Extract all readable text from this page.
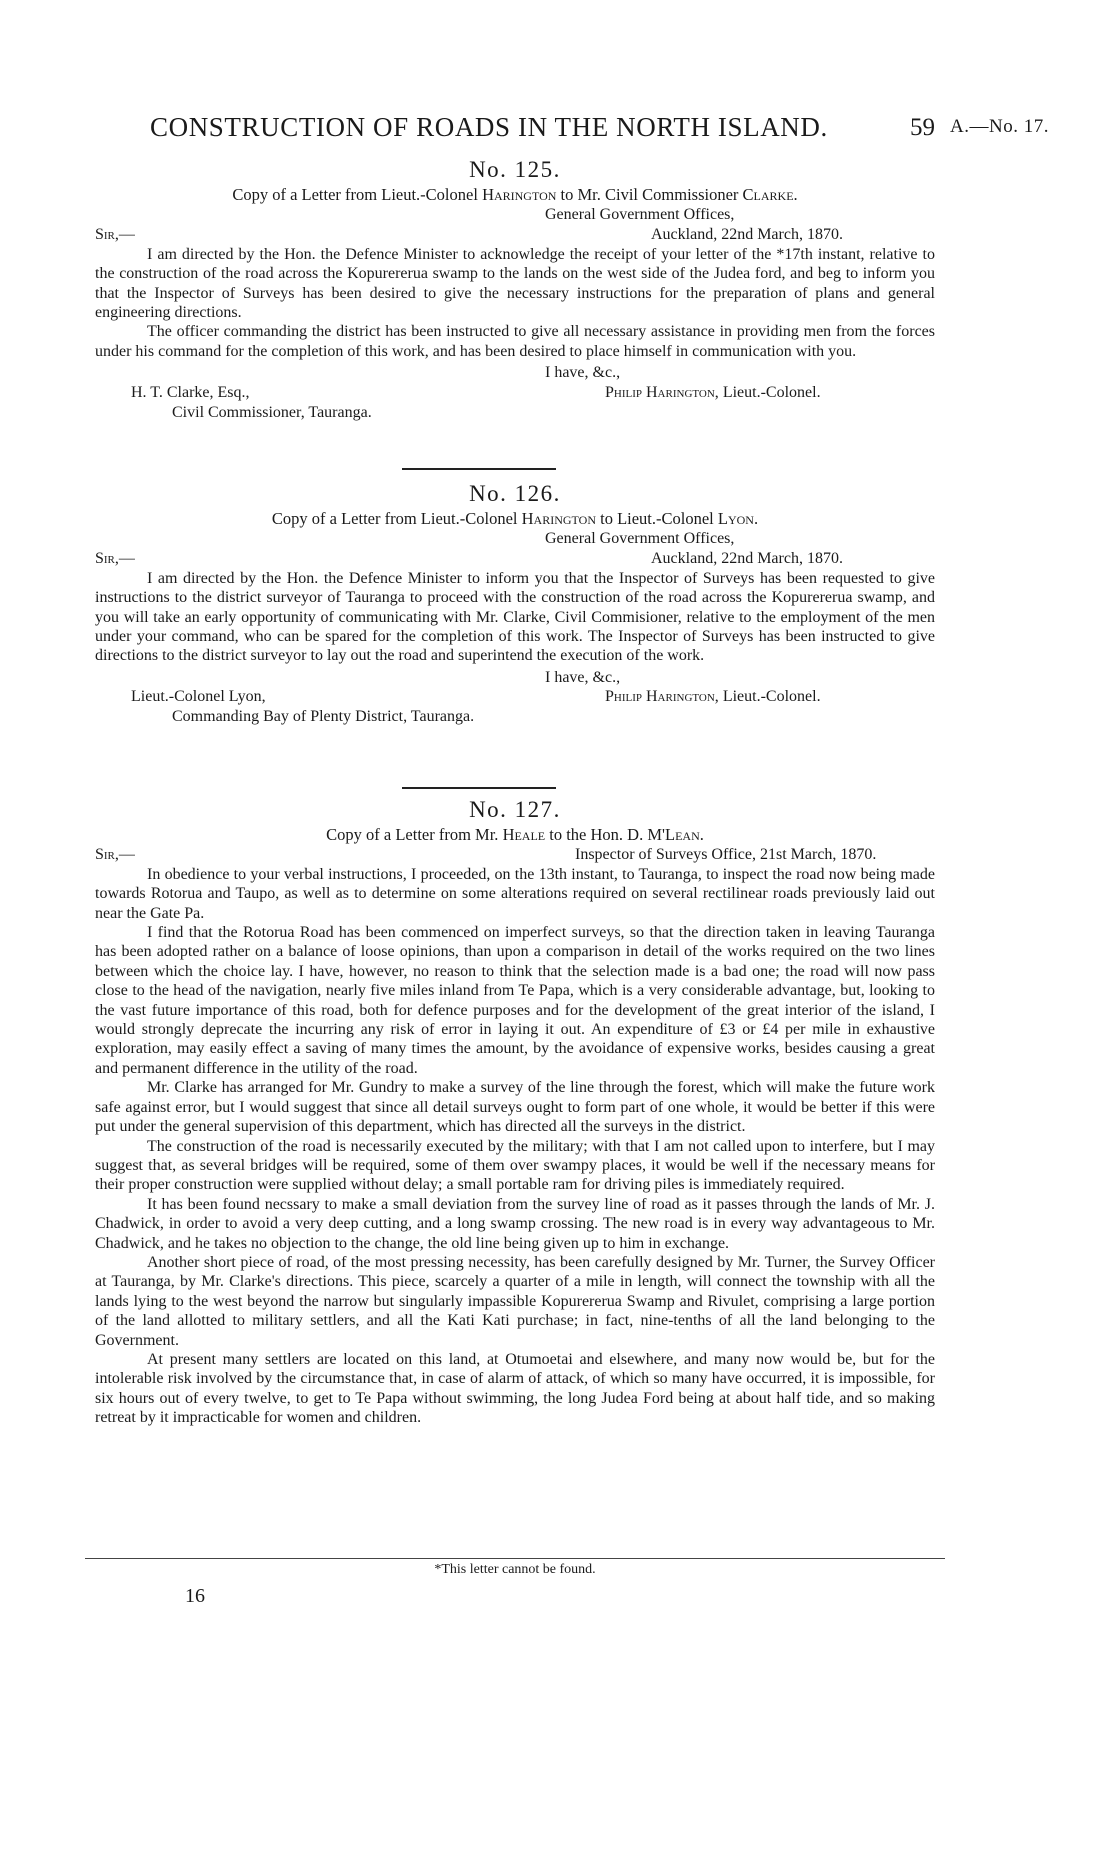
CONSTRUCTION OF ROADS IN THE NORTH ISLAND.	59 A.—No. 17.
No. 125.
Copy of a Letter from Lieut.-Colonel Harington to Mr. Civil Commissioner Clarke.
General Government Offices,
Sir,—	Auckland, 22nd March, 1870.

I am directed by the Hon. the Defence Minister to acknowledge the receipt of your letter of the *17th instant, relative to the construction of the road across the Kopurererua swamp to the lands on the west side of the Judea ford, and beg to inform you that the Inspector of Surveys has been desired to give the necessary instructions for the preparation of plans and general engineering directions.

The officer commanding the district has been instructed to give all necessary assistance in providing men from the forces under his command for the completion of this work, and has been desired to place himself in communication with you.

I have, &c.,
H. T. Clarke, Esq.,	Philip Harington, Lieut.-Colonel.
Civil Commissioner, Tauranga.
No. 126.
Copy of a Letter from Lieut.-Colonel Harington to Lieut.-Colonel Lyon.
General Government Offices,
Sir,—	Auckland, 22nd March, 1870.

I am directed by the Hon. the Defence Minister to inform you that the Inspector of Surveys has been requested to give instructions to the district surveyor of Tauranga to proceed with the construction of the road across the Kopurererua swamp, and you will take an early opportunity of communicating with Mr. Clarke, Civil Commisioner, relative to the employment of the men under your command, who can be spared for the completion of this work. The Inspector of Surveys has been instructed to give directions to the district surveyor to lay out the road and superintend the execution of the work.

I have, &c.,
Lieut.-Colonel Lyon,	Philip Harington, Lieut.-Colonel.
Commanding Bay of Plenty District, Tauranga.
No. 127.
Copy of a Letter from Mr. Heale to the Hon. D. M'Lean.
Sir,—	Inspector of Surveys Office, 21st March, 1870.

In obedience to your verbal instructions, I proceeded, on the 13th instant, to Tauranga, to inspect the road now being made towards Rotorua and Taupo, as well as to determine on some alterations required on several rectilinear roads previously laid out near the Gate Pa.

I find that the Rotorua Road has been commenced on imperfect surveys, so that the direction taken in leaving Tauranga has been adopted rather on a balance of loose opinions, than upon a comparison in detail of the works required on the two lines between which the choice lay. I have, however, no reason to think that the selection made is a bad one; the road will now pass close to the head of the navigation, nearly five miles inland from Te Papa, which is a very considerable advantage, but, looking to the vast future importance of this road, both for defence purposes and for the development of the great interior of the island, I would strongly deprecate the incurring any risk of error in laying it out. An expenditure of £3 or £4 per mile in exhaustive exploration, may easily effect a saving of many times the amount, by the avoidance of expensive works, besides causing a great and permanent difference in the utility of the road.

Mr. Clarke has arranged for Mr. Gundry to make a survey of the line through the forest, which will make the future work safe against error, but I would suggest that since all detail surveys ought to form part of one whole, it would be better if this were put under the general supervision of this department, which has directed all the surveys in the district.

The construction of the road is necessarily executed by the military; with that I am not called upon to interfere, but I may suggest that, as several bridges will be required, some of them over swampy places, it would be well if the necessary means for their proper construction were supplied without delay; a small portable ram for driving piles is immediately required.

It has been found necssary to make a small deviation from the survey line of road as it passes through the lands of Mr. J. Chadwick, in order to avoid a very deep cutting, and a long swamp crossing. The new road is in every way advantageous to Mr. Chadwick, and he takes no objection to the change, the old line being given up to him in exchange.

Another short piece of road, of the most pressing necessity, has been carefully designed by Mr. Turner, the Survey Officer at Tauranga, by Mr. Clarke's directions. This piece, scarcely a quarter of a mile in length, will connect the township with all the lands lying to the west beyond the narrow but singularly impassible Kopurererua Swamp and Rivulet, comprising a large portion of the land allotted to military settlers, and all the Kati Kati purchase; in fact, nine-tenths of all the land belonging to the Government.

At present many settlers are located on this land, at Otumoetai and elsewhere, and many now would be, but for the intolerable risk involved by the circumstance that, in case of alarm of attack, of which so many have occurred, it is impossible, for six hours out of every twelve, to get to Te Papa without swimming, the long Judea Ford being at about half tide, and so making retreat by it impracticable for women and children.

*This letter cannot be found.
16
